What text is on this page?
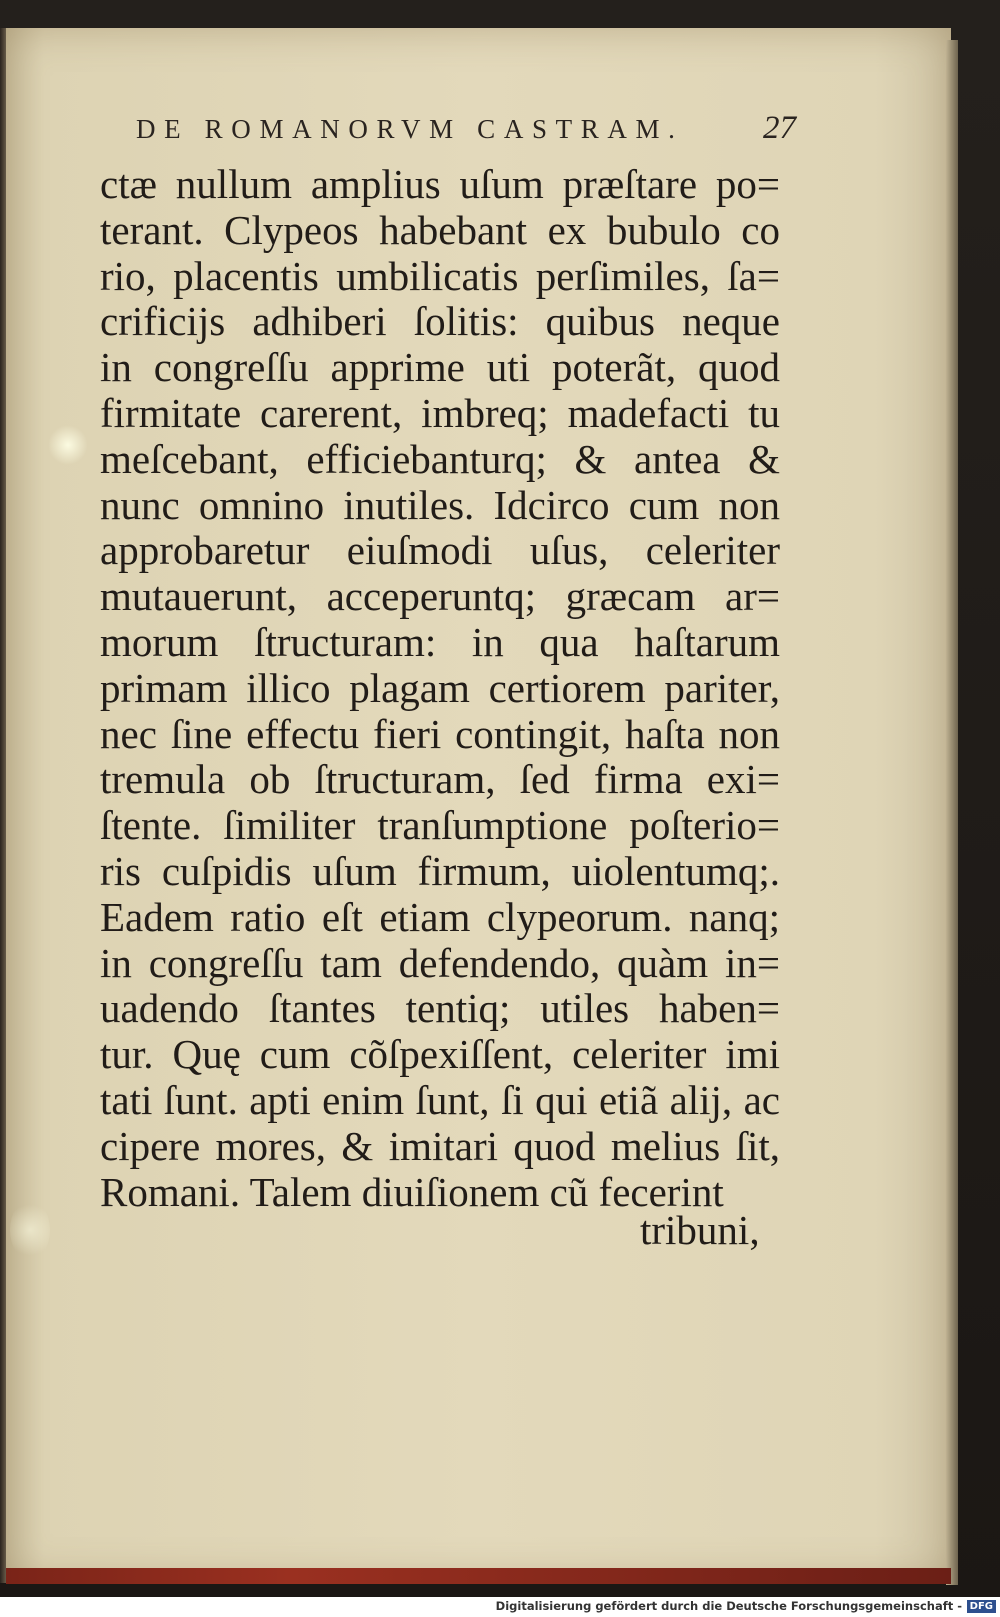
DE ROMANORVM CASTRAM. 27
ctæ nullum amplius uſum præſtare po=
terant. Clypeos habebant ex bubulo co
rio, placentis umbilicatis perſimiles, ſa=
crificijs adhiberi ſolitis: quibus neque
in congreſſu apprime uti poterãt, quod
firmitate carerent, imbreq; madefacti tu
meſcebant, efficiebanturq; & antea &
nunc omnino inutiles. Idcirco cum non
approbaretur eiuſmodi uſus, celeriter
mutauerunt, acceperuntq; græcam ar=
morum ſtructuram: in qua haſtarum
primam illico plagam certiorem pariter,
nec ſine effectu fieri contingit, haſta non
tremula ob ſtructuram, ſed firma exi=
ſtente. ſimiliter tranſumptione poſterio=
ris cuſpidis uſum firmum, uiolentumq;.
Eadem ratio eſt etiam clypeorum. nanq;
in congreſſu tam defendendo, quàm in=
uadendo ſtantes tentiq; utiles haben=
tur. Quę cum cõſpexiſſent, celeriter imi
tati ſunt. apti enim ſunt, ſi qui etiã alij, ac
cipere mores, & imitari quod melius ſit,
Romani. Talem diuiſionem cũ fecerint
tribuni,
Digitalisierung gefördert durch die Deutsche Forschungsgemeinschaft - DFG
